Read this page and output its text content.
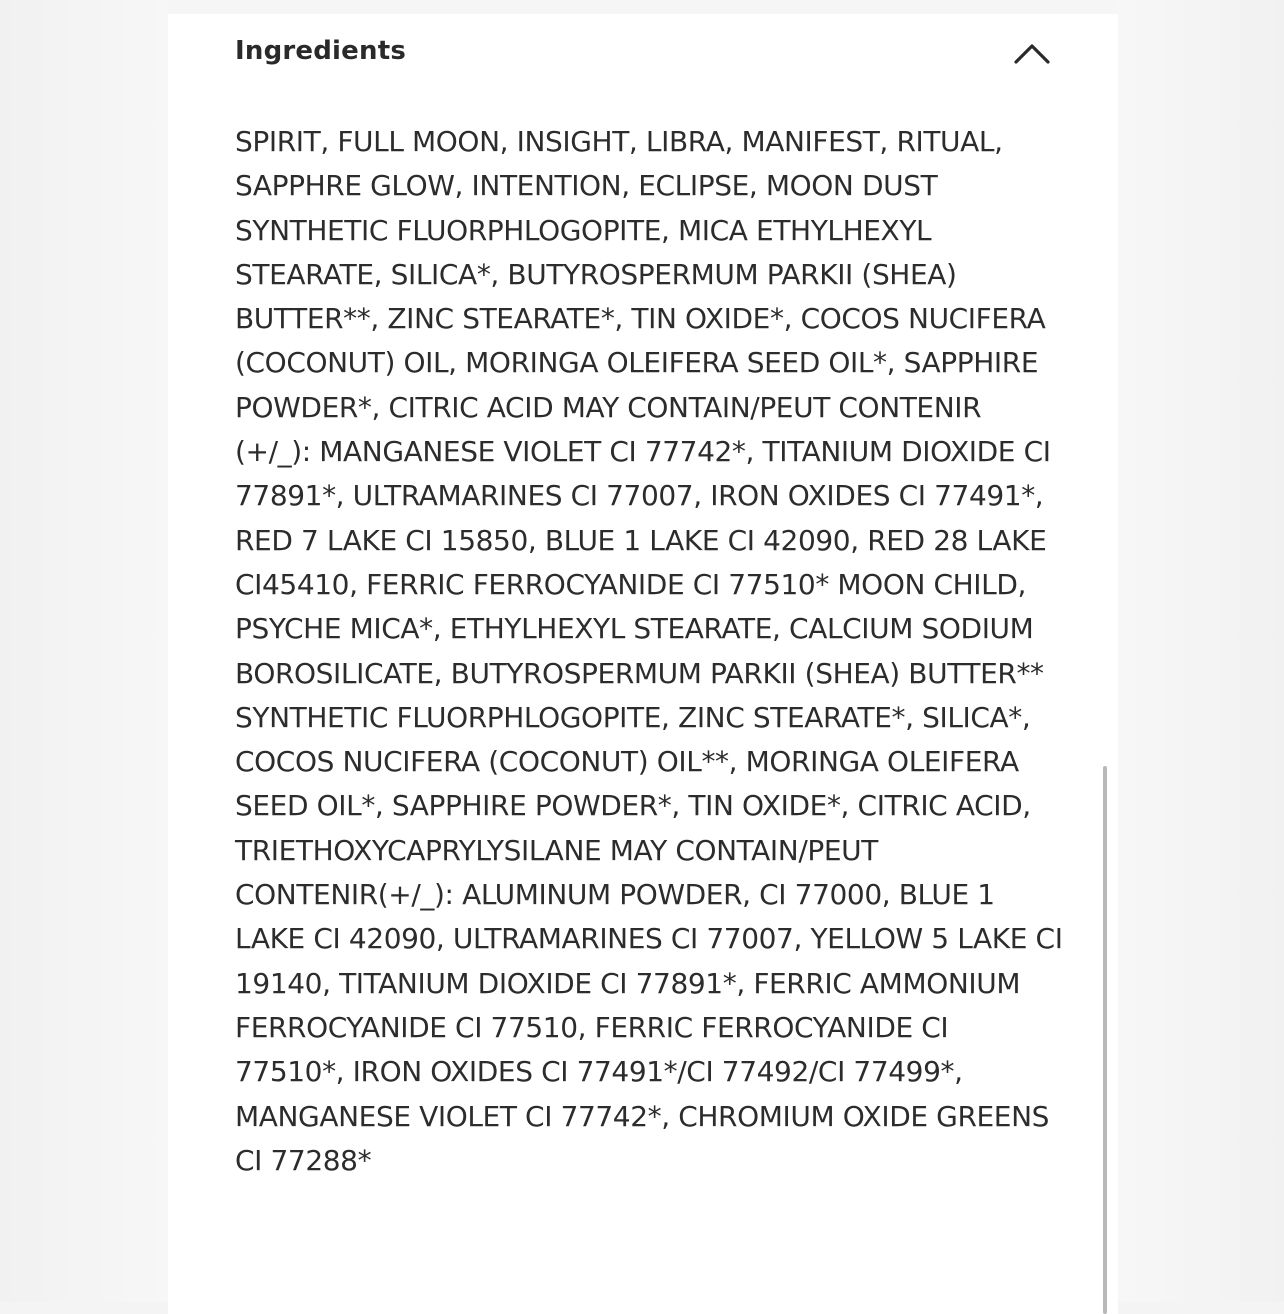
Ingredients

SPIRIT, FULL MOON, INSIGHT, LIBRA, MANIFEST, RITUAL, SAPPHRE GLOW, INTENTION, ECLIPSE, MOON DUST SYNTHETIC FLUORPHLOGOPITE, MICA ETHYLHEXYL STEARATE, SILICA*, BUTYROSPERMUM PARKII (SHEA) BUTTER**, ZINC STEARATE*, TIN OXIDE*, COCOS NUCIFERA (COCONUT) OIL, MORINGA OLEIFERA SEED OIL*, SAPPHIRE POWDER*, CITRIC ACID MAY CONTAIN/PEUT CONTENIR (+/_): MANGANESE VIOLET CI 77742*, TITANIUM DIOXIDE CI 77891*, ULTRAMARINES CI 77007, IRON OXIDES CI 77491*, RED 7 LAKE CI 15850, BLUE 1 LAKE CI 42090, RED 28 LAKE CI45410, FERRIC FERROCYANIDE CI 77510* MOON CHILD, PSYCHE MICA*, ETHYLHEXYL STEARATE, CALCIUM SODIUM BOROSILICATE, BUTYROSPERMUM PARKII (SHEA) BUTTER** SYNTHETIC FLUORPHLOGOPITE, ZINC STEARATE*, SILICA*, COCOS NUCIFERA (COCONUT) OIL**, MORINGA OLEIFERA SEED OIL*, SAPPHIRE POWDER*, TIN OXIDE*, CITRIC ACID, TRIETHOXYCAPRYLYSILANE MAY CONTAIN/PEUT CONTENIR(+/_): ALUMINUM POWDER, CI 77000, BLUE 1 LAKE CI 42090, ULTRAMARINES CI 77007, YELLOW 5 LAKE CI 19140, TITANIUM DIOXIDE CI 77891*, FERRIC AMMONIUM FERROCYANIDE CI 77510, FERRIC FERROCYANIDE CI 77510*, IRON OXIDES CI 77491*/CI 77492/CI 77499*, MANGANESE VIOLET CI 77742*, CHROMIUM OXIDE GREENS CI 77288*
